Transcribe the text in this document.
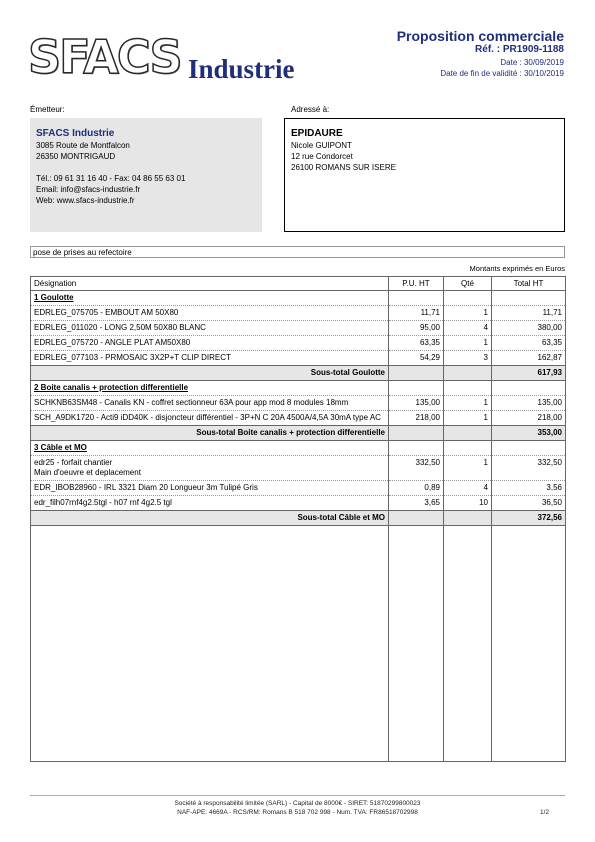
SFACS Industrie
Proposition commerciale
Réf. : PR1909-1188
Date : 30/09/2019
Date de fin de validité : 30/10/2019
Émetteur:	Adressé à:
SFACS Industrie
3085 Route de Montfalcon
26350 MONTRIGAUD
Tél.: 09 61 31 16 40 - Fax: 04 86 55 63 01
Email: info@sfacs-industrie.fr
Web: www.sfacs-industrie.fr
EPIDAURE
Nicole GUIPONT
12 rue Condorcet
26100 ROMANS SUR ISERE
pose de prises au refectoire
Montants exprimés en Euros
Désignation	P.U. HT	Qté	Total HT
1 Goulotte			
EDRLEG_075705 - EMBOUT AM 50X80	11,71	1	11,71
EDRLEG_011020 - LONG 2,50M 50X80 BLANC	95,00	4	380,00
EDRLEG_075720 - ANGLE PLAT AM50X80	63,35	1	63,35
EDRLEG_077103 - PRMOSAIC 3X2P+T CLIP DIRECT	54,29	3	162,87
Sous-total Goulotte			617,93
2 Boite canalis + protection differentielle			
SCHKNB63SM48 - Canalis KN - coffret sectionneur 63A pour app mod 8 modules 18mm	135,00	1	135,00
SCH_A9DK1720 - Acti9 iDD40K - disjoncteur différentiel - 3P+N C 20A 4500A/4,5A 30mA type AC	218,00	1	218,00
Sous-total Boite canalis + protection differentielle			353,00
3 Câble et MO			

edr25 - forfait chantier
Main d'oeuvre et deplacement	332,50	1	332,50
EDR_IBOB28960 - IRL 3321 Diam 20 Longueur 3m Tulipé Gris	0,89	4	3,56
edr_filh07rnf4g2.5tgl - h07 rnf 4g2.5 tgl	3,65	10	36,50
Sous-total Câble et MO			372,56

Société à responsabilité limitée (SARL) - Capital de 8000€ - SIRET: 51870299800023
NAF-APE: 4669A - RCS/RM: Romans B 518 702 998 - Num. TVA: FR86518702998	1/2
